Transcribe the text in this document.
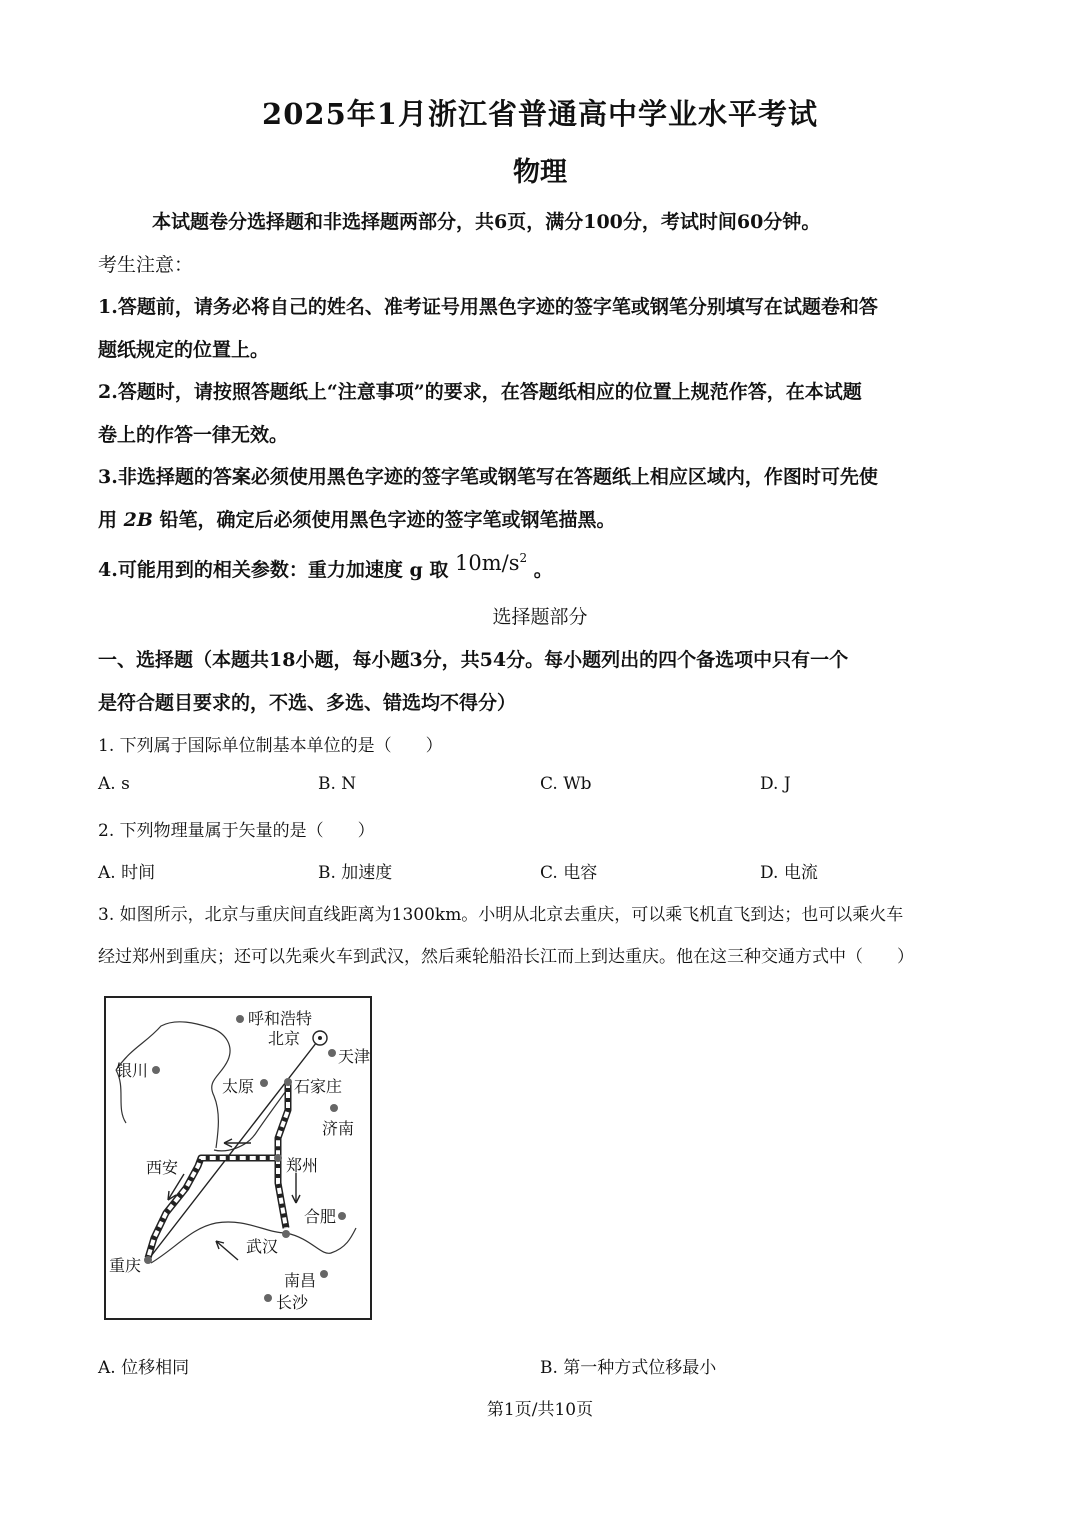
2025年1月浙江省普通高中学业水平考试
物理
本试题卷分选择题和非选择题两部分，共6页，满分100分，考试时间60分钟。
考生注意：
1.答题前，请务必将自己的姓名、准考证号用黑色字迹的签字笔或钢笔分别填写在试题卷和答
题纸规定的位置上。
2.答题时，请按照答题纸上“注意事项”的要求，在答题纸相应的位置上规范作答，在本试题
卷上的作答一律无效。
3.非选择题的答案必须使用黑色字迹的签字笔或钢笔写在答题纸上相应区域内，作图时可先使
用 2B 铅笔，确定后必须使用黑色字迹的签字笔或钢笔描黑。
4.可能用到的相关参数：重力加速度 g 取 $10m/s^2$ 。
选择题部分
一、选择题（本题共18小题，每小题3分，共54分。每小题列出的四个备选项中只有一个
是符合题目要求的，不选、多选、错选均不得分）
1. 下列属于国际单位制基本单位的是（　　）
A. s	B. N	C. Wb	D. J
2. 下列物理量属于矢量的是（　　）
A. 时间	B. 加速度	C. 电容	D. 电流
3. 如图所示，北京与重庆间直线距离为1300km。小明从北京去重庆，可以乘飞机直飞到达；也可以乘火车
经过郑州到重庆；还可以先乘火车到武汉，然后乘轮船沿长江而上到达重庆。他在这三种交通方式中（　　）
呼和浩特
北京
天津
银川
太原 石家庄
济南
西安	郑州
合肥
武汉
重庆
南昌
长沙
A. 位移相同	B. 第一种方式位移最小
第1页/共10页
